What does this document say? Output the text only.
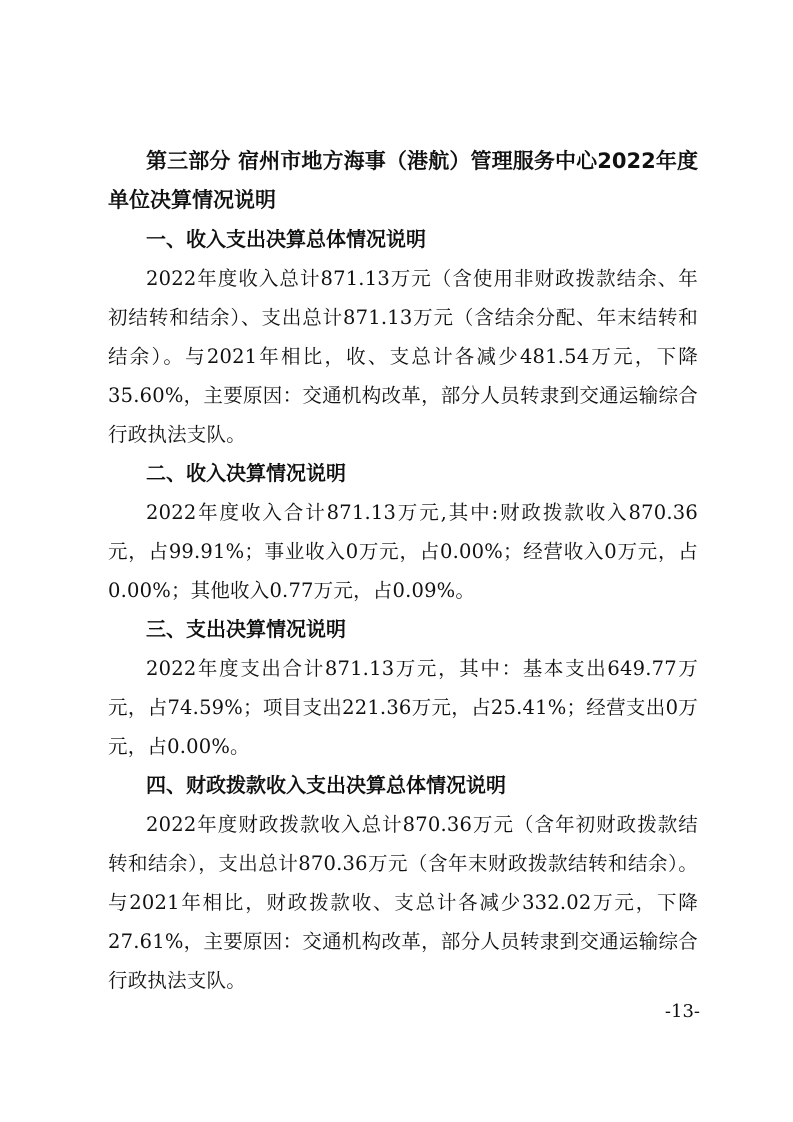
第三部分 宿州市地方海事（港航）管理服务中心2022年度单位决算情况说明

一、收入支出决算总体情况说明

2022年度收入总计871.13万元（含使用非财政拨款结余、年初结转和结余）、支出总计871.13万元（含结余分配、年末结转和结余）。与2021年相比，收、支总计各减少481.54万元，下降35.60%，主要原因：交通机构改革，部分人员转隶到交通运输综合行政执法支队。

二、收入决算情况说明

2022年度收入合计871.13万元,其中:财政拨款收入870.36元，占99.91%；事业收入0万元，占0.00%；经营收入0万元，占0.00%；其他收入0.77万元，占0.09%。

三、支出决算情况说明

2022年度支出合计871.13万元，其中：基本支出649.77万元，占74.59%；项目支出221.36万元，占25.41%；经营支出0万元，占0.00%。

四、财政拨款收入支出决算总体情况说明

2022年度财政拨款收入总计870.36万元（含年初财政拨款结转和结余），支出总计870.36万元（含年末财政拨款结转和结余）。与2021年相比，财政拨款收、支总计各减少332.02万元，下降27.61%，主要原因：交通机构改革，部分人员转隶到交通运输综合行政执法支队。

-13-
